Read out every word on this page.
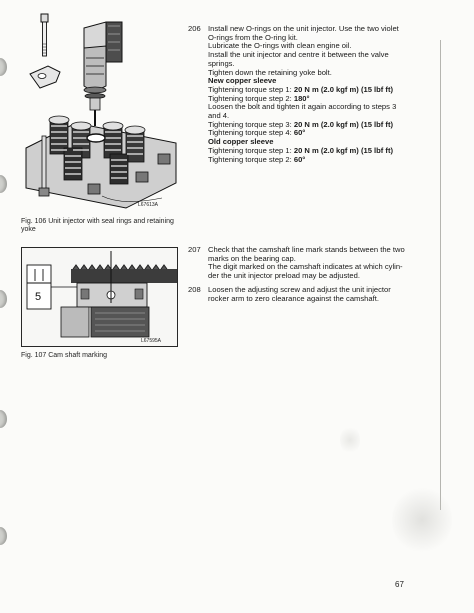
L67613A
Fig. 106 Unit injector with seal rings and retaining
yoke
5
L67595A
Fig. 107 Cam shaft marking
206 Install new O-rings on the unit injector. Use the two violet
O-rings from the O-ring kit.
Lubricate the O-rings with clean engine oil.
Install the unit injector and centre it between the valve
springs.
Tighten down the retaining yoke bolt.
New copper sleeve
Tightening torque step 1: 20 N m (2.0 kgf m) (15 lbf ft)
Tightening torque step 2: 180°
Loosen the bolt and tighten it again according to steps 3
and 4.
Tightening torque step 3: 20 N m (2.0 kgf m) (15 lbf ft)
Tightening torque step 4: 60°
Old copper sleeve
Tightening torque step 1: 20 N m (2.0 kgf m) (15 lbf ft)
Tightening torque step 2: 60°
207 Check that the camshaft line mark stands between the two
marks on the bearing cap.
The digit marked on the camshaft indicates at which cylin-
der the unit injector preload may be adjusted.
208 Loosen the adjusting screw and adjust the unit injector
rocker arm to zero clearance against the camshaft.
67
